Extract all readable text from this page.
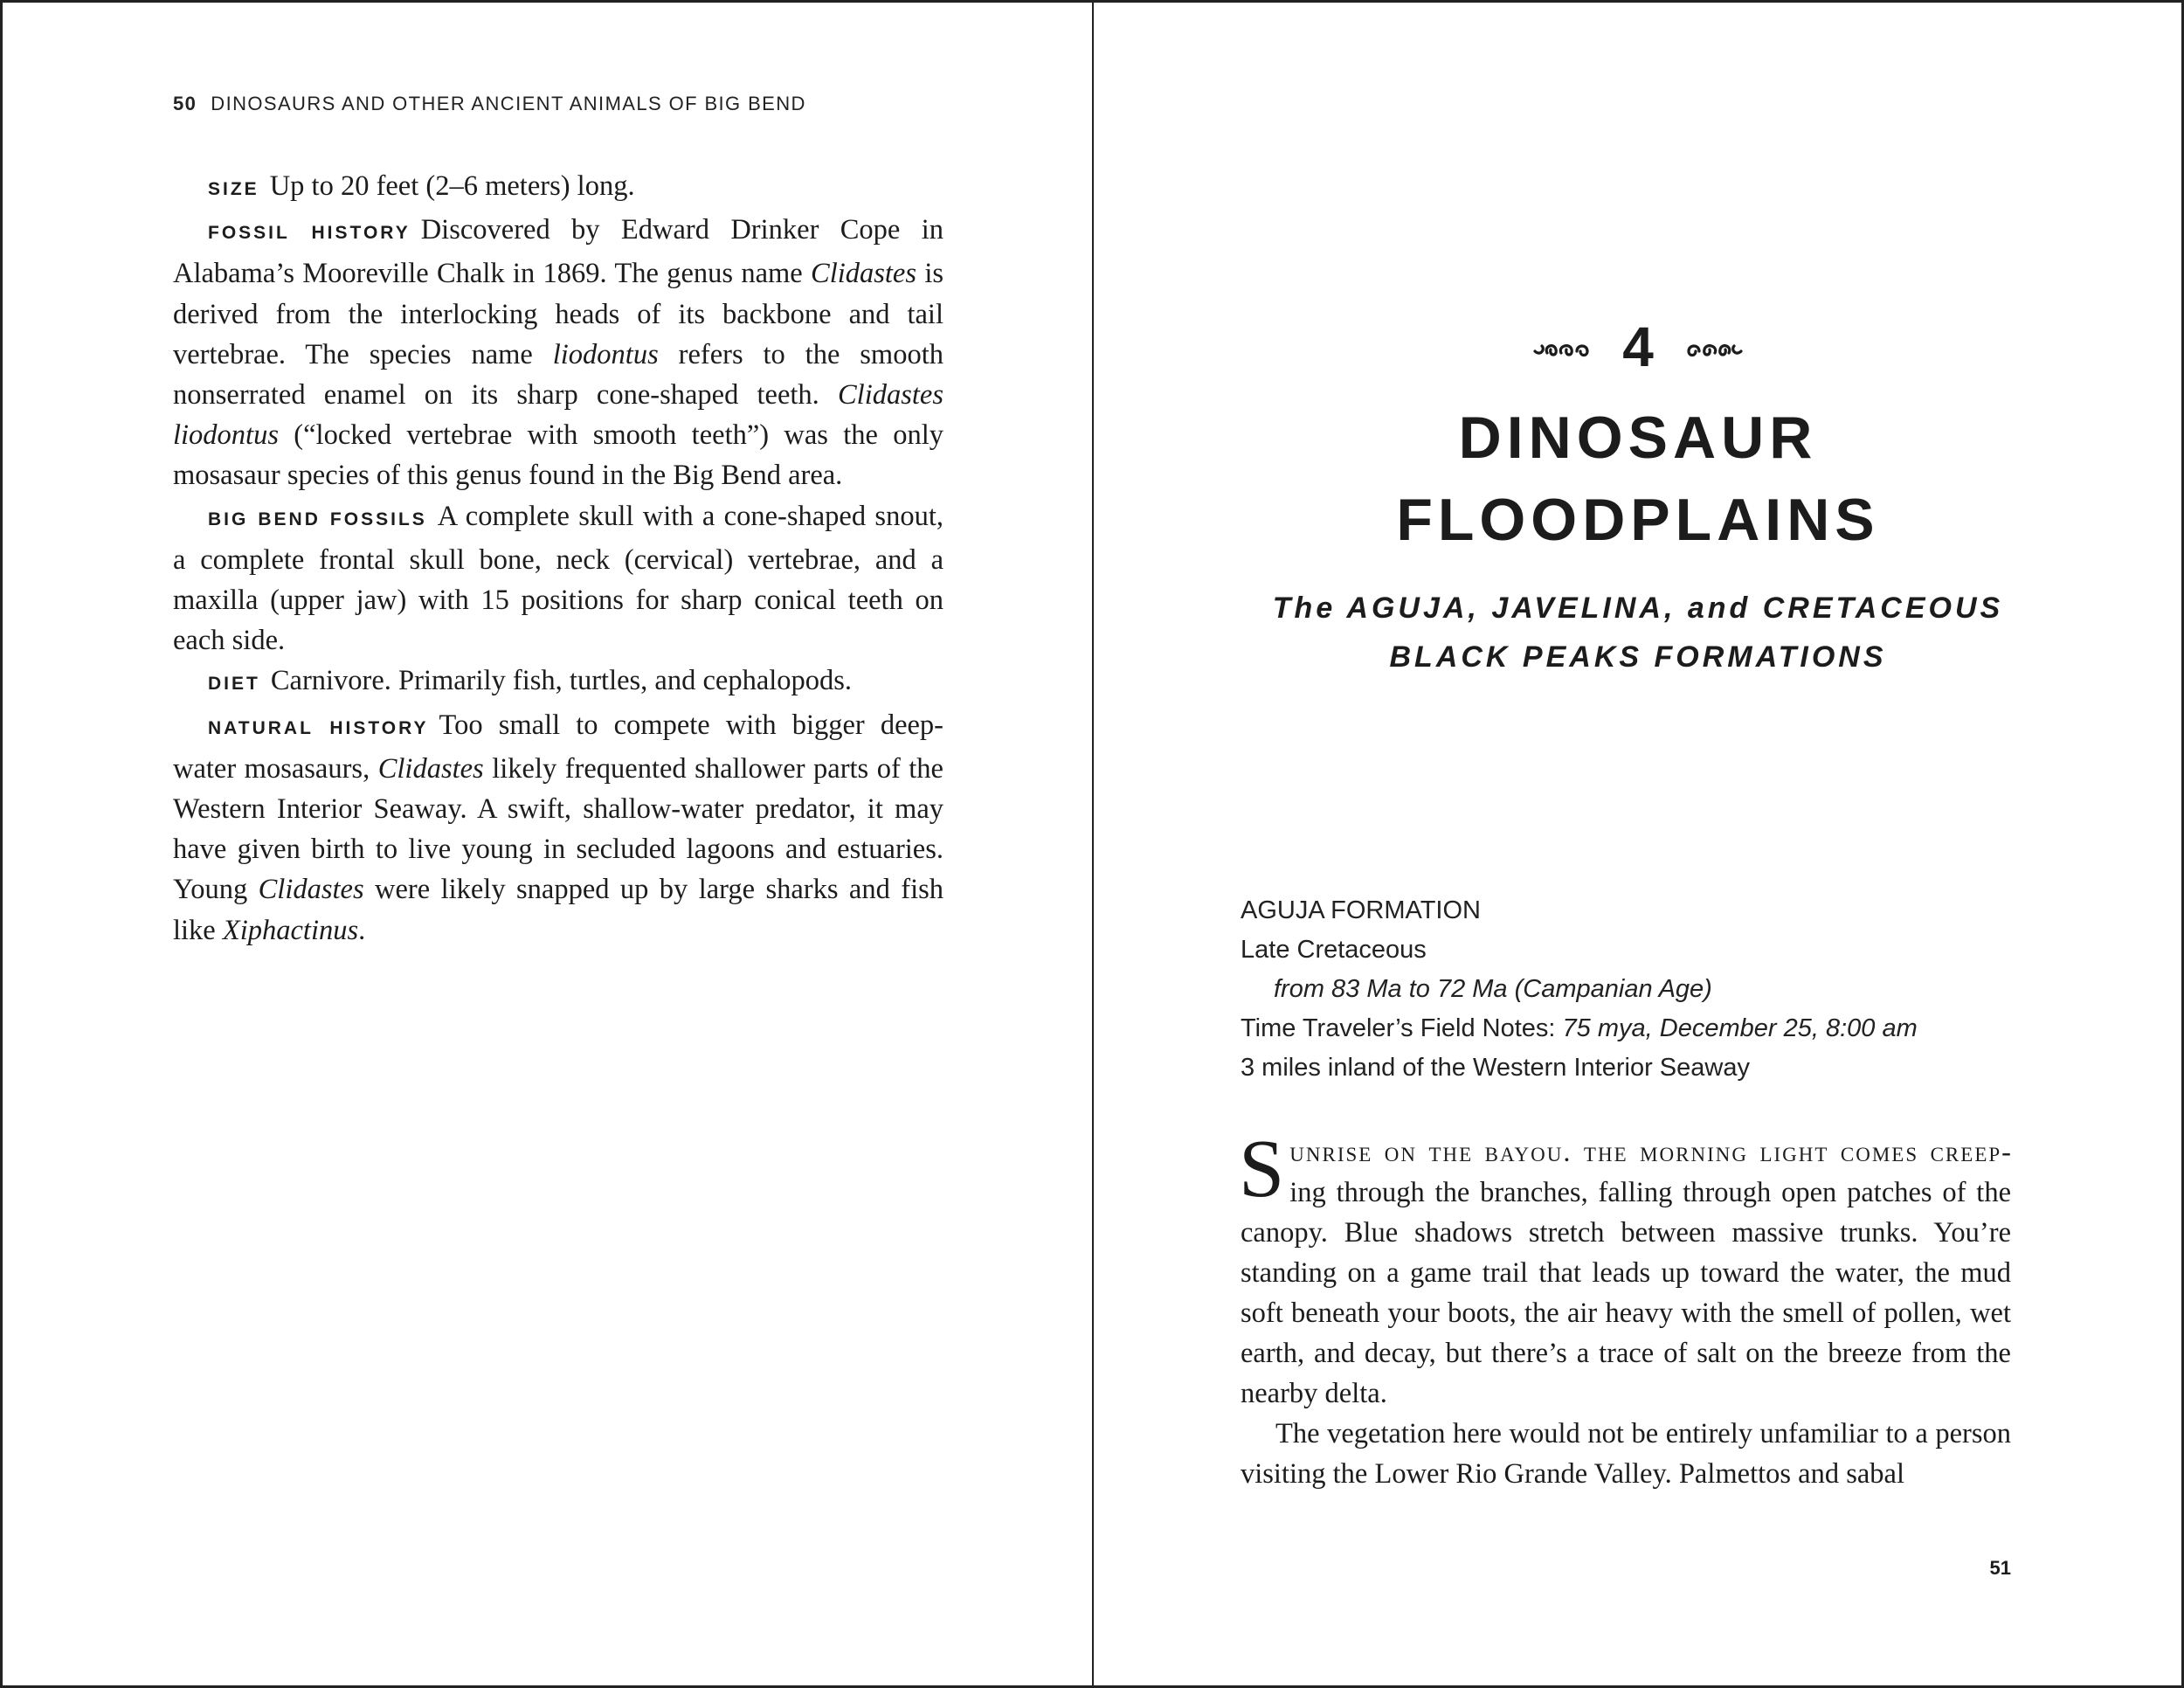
50 DINOSAURS AND OTHER ANCIENT ANIMALS OF BIG BEND

SIZE Up to 20 feet (2–6 meters) long.

FOSSIL HISTORY Discovered by Edward Drinker Cope in Alabama’s Mooreville Chalk in 1869. The genus name Clidastes is derived from the interlocking heads of its backbone and tail vertebrae. The species name liodontus refers to the smooth nonserrated enamel on its sharp cone-shaped teeth. Clidastes liodontus (“locked vertebrae with smooth teeth”) was the only mosasaur species of this genus found in the Big Bend area.

BIG BEND FOSSILS A complete skull with a cone-shaped snout, a complete frontal skull bone, neck (cervical) vertebrae, and a maxilla (upper jaw) with 15 positions for sharp conical teeth on each side.

DIET Carnivore. Primarily fish, turtles, and cephalopods.

NATURAL HISTORY Too small to compete with bigger deep-water mosasaurs, Clidastes likely frequented shallower parts of the Western Interior Seaway. A swift, shallow-water predator, it may have given birth to live young in secluded lagoons and estuaries. Young Clidastes were likely snapped up by large sharks and fish like Xiphactinus.

4
DINOSAUR
FLOODPLAINS
The AGUJA, JAVELINA, and CRETACEOUS
BLACK PEAKS FORMATIONS
AGUJA FORMATION
Late Cretaceous
from 83 Ma to 72 Ma (Campanian Age)
Time Traveler’s Field Notes: 75 mya, December 25, 8:00 am
3 miles inland of the Western Interior Seaway

Sunrise on the bayou. the morning light comes creep-ing through the branches, falling through open patches of the canopy. Blue shadows stretch between massive trunks. You’re standing on a game trail that leads up toward the water, the mud soft beneath your boots, the air heavy with the smell of pollen, wet earth, and decay, but there’s a trace of salt on the breeze from the nearby delta.

The vegetation here would not be entirely unfamiliar to a person visiting the Lower Rio Grande Valley. Palmettos and sabal

51
